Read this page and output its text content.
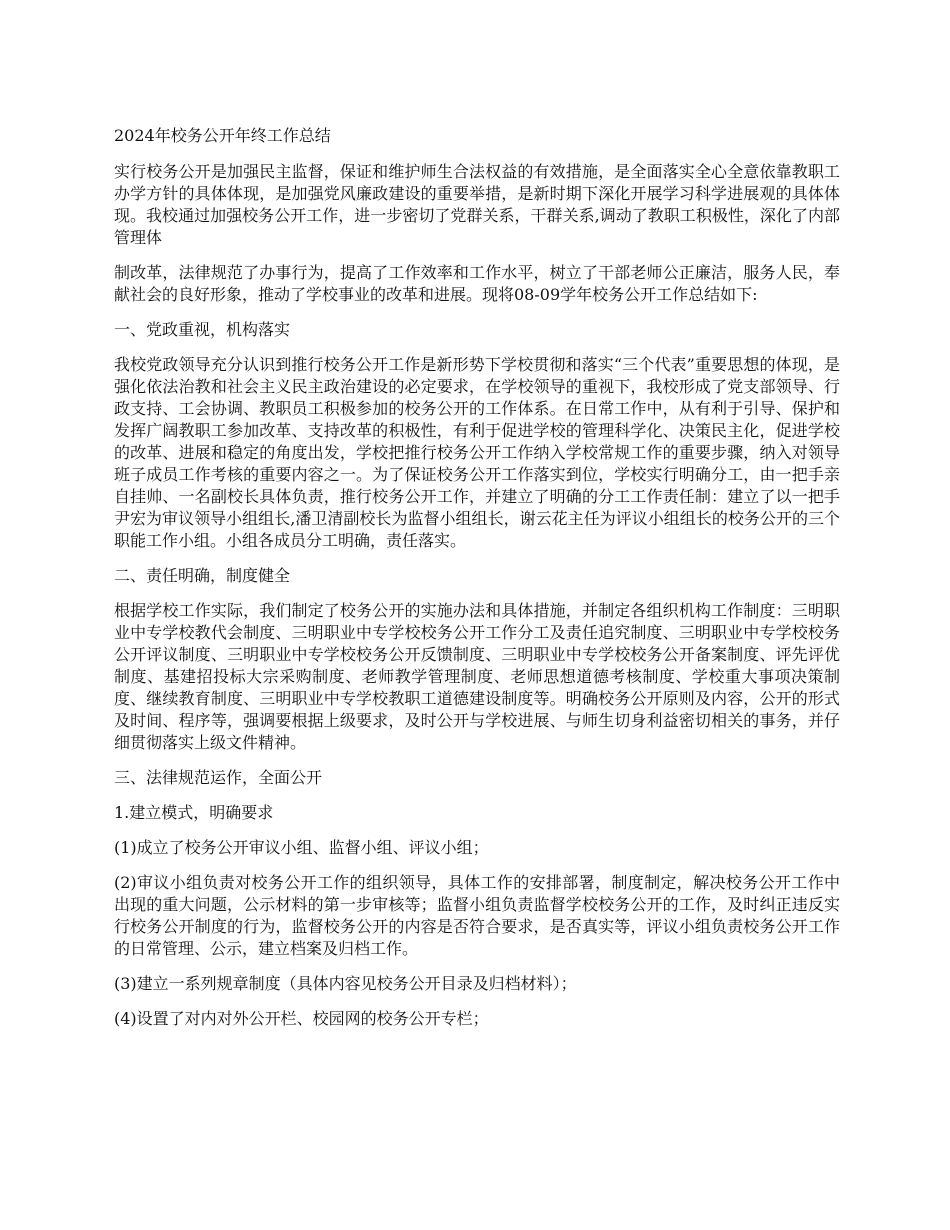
2024年校务公开年终工作总结

实行校务公开是加强民主监督，保证和维护师生合法权益的有效措施，是全面落实全心全意依靠教职工办学方针的具体体现，是加强党风廉政建设的重要举措，是新时期下深化开展学习科学进展观的具体体现。我校通过加强校务公开工作，进一步密切了党群关系，干群关系,调动了教职工积极性，深化了内部管理体

制改革，法律规范了办事行为，提高了工作效率和工作水平，树立了干部老师公正廉洁，服务人民，奉献社会的良好形象，推动了学校事业的改革和进展。现将08-09学年校务公开工作总结如下:

一、党政重视，机构落实

我校党政领导充分认识到推行校务公开工作是新形势下学校贯彻和落实“三个代表”重要思想的体现，是强化依法治教和社会主义民主政治建设的必定要求，在学校领导的重视下，我校形成了党支部领导、行政支持、工会协调、教职员工积极参加的校务公开的工作体系。在日常工作中，从有利于引导、保护和发挥广阔教职工参加改革、支持改革的积极性，有利于促进学校的管理科学化、决策民主化，促进学校的改革、进展和稳定的角度出发，学校把推行校务公开工作纳入学校常规工作的重要步骤，纳入对领导班子成员工作考核的重要内容之一。为了保证校务公开工作落实到位，学校实行明确分工，由一把手亲自挂帅、一名副校长具体负责，推行校务公开工作，并建立了明确的分工工作责任制：建立了以一把手尹宏为审议领导小组组长,潘卫清副校长为监督小组组长，谢云花主任为评议小组组长的校务公开的三个职能工作小组。小组各成员分工明确，责任落实。

二、责任明确，制度健全

根据学校工作实际，我们制定了校务公开的实施办法和具体措施，并制定各组织机构工作制度：三明职业中专学校教代会制度、三明职业中专学校校务公开工作分工及责任追究制度、三明职业中专学校校务公开评议制度、三明职业中专学校校务公开反馈制度、三明职业中专学校校务公开备案制度、评先评优制度、基建招投标大宗采购制度、老师教学管理制度、老师思想道德考核制度、学校重大事项决策制度、继续教育制度、三明职业中专学校教职工道德建设制度等。明确校务公开原则及内容，公开的形式及时间、程序等，强调要根据上级要求，及时公开与学校进展、与师生切身利益密切相关的事务，并仔细贯彻落实上级文件精神。

三、法律规范运作，全面公开

1.建立模式，明确要求

(1)成立了校务公开审议小组、监督小组、评议小组；

(2)审议小组负责对校务公开工作的组织领导，具体工作的安排部署，制度制定，解决校务公开工作中出现的重大问题，公示材料的第一步审核等；监督小组负责监督学校校务公开的工作，及时纠正违反实行校务公开制度的行为，监督校务公开的内容是否符合要求，是否真实等，评议小组负责校务公开工作的日常管理、公示，建立档案及归档工作。

(3)建立一系列规章制度（具体内容见校务公开目录及归档材料）；

(4)设置了对内对外公开栏、校园网的校务公开专栏；
